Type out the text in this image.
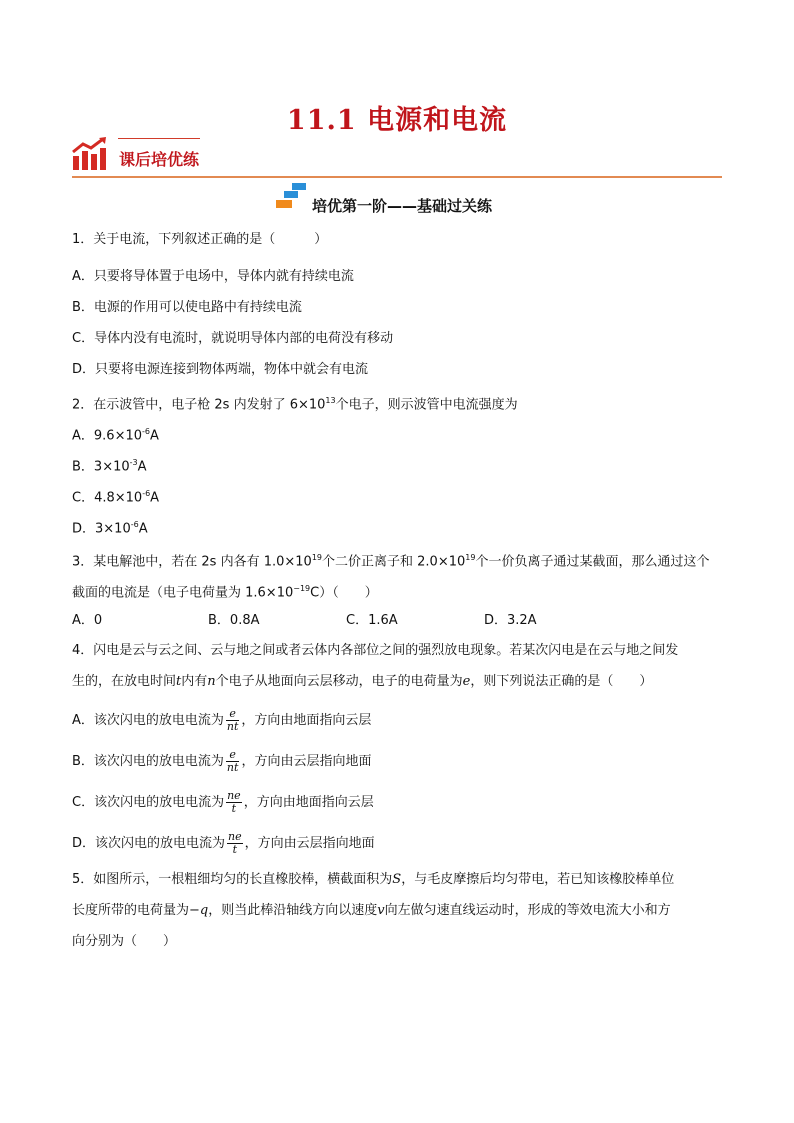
11.1 电源和电流
课后培优练
培优第一阶——基础过关练
1．关于电流，下列叙述正确的是（　　　）
A．只要将导体置于电场中，导体内就有持续电流
B．电源的作用可以使电路中有持续电流
C．导体内没有电流时，就说明导体内部的电荷没有移动
D．只要将电源连接到物体两端，物体中就会有电流
2．在示波管中，电子枪 2s 内发射了 $6\times 10^{13}$个电子，则示波管中电流强度为
A．$9.6\times 10^{-6}A$
B．$3\times 10^{-3}A$
C．$4.8\times 10^{-6}A$
D．$3\times 10^{-6}A$
3．某电解池中，若在 2s 内各有 $1.0\times 10^{19}$个二价正离子和 $2.0\times 10^{19}$个一价负离子通过某截面，那么通过这个
截面的电流是（电子电荷量为 $1.6\times 10^{-19}C$）（　　）
A．0	B．0.8A	C．1.6A	D．3.2A
4．闪电是云与云之间、云与地之间或者云体内各部位之间的强烈放电现象。若某次闪电是在云与地之间发
生的，在放电时间t内有n个电子从地面向云层移动，电子的电荷量为e，则下列说法正确的是（　　）
A．该次闪电的放电电流为 $\frac{e}{nt}$ ，方向由地面指向云层
B．该次闪电的放电电流为 $\frac{e}{nt}$ ，方向由云层指向地面
C．该次闪电的放电电流为 $\frac{ne}{t}$ ，方向由地面指向云层
D．该次闪电的放电电流为 $\frac{ne}{t}$ ，方向由云层指向地面
5．如图所示，一根粗细均匀的长直橡胶棒，横截面积为S，与毛皮摩擦后均匀带电，若已知该橡胶棒单位
长度所带的电荷量为−q，则当此棒沿轴线方向以速度v向左做匀速直线运动时，形成的等效电流大小和方
向分别为（　　）
